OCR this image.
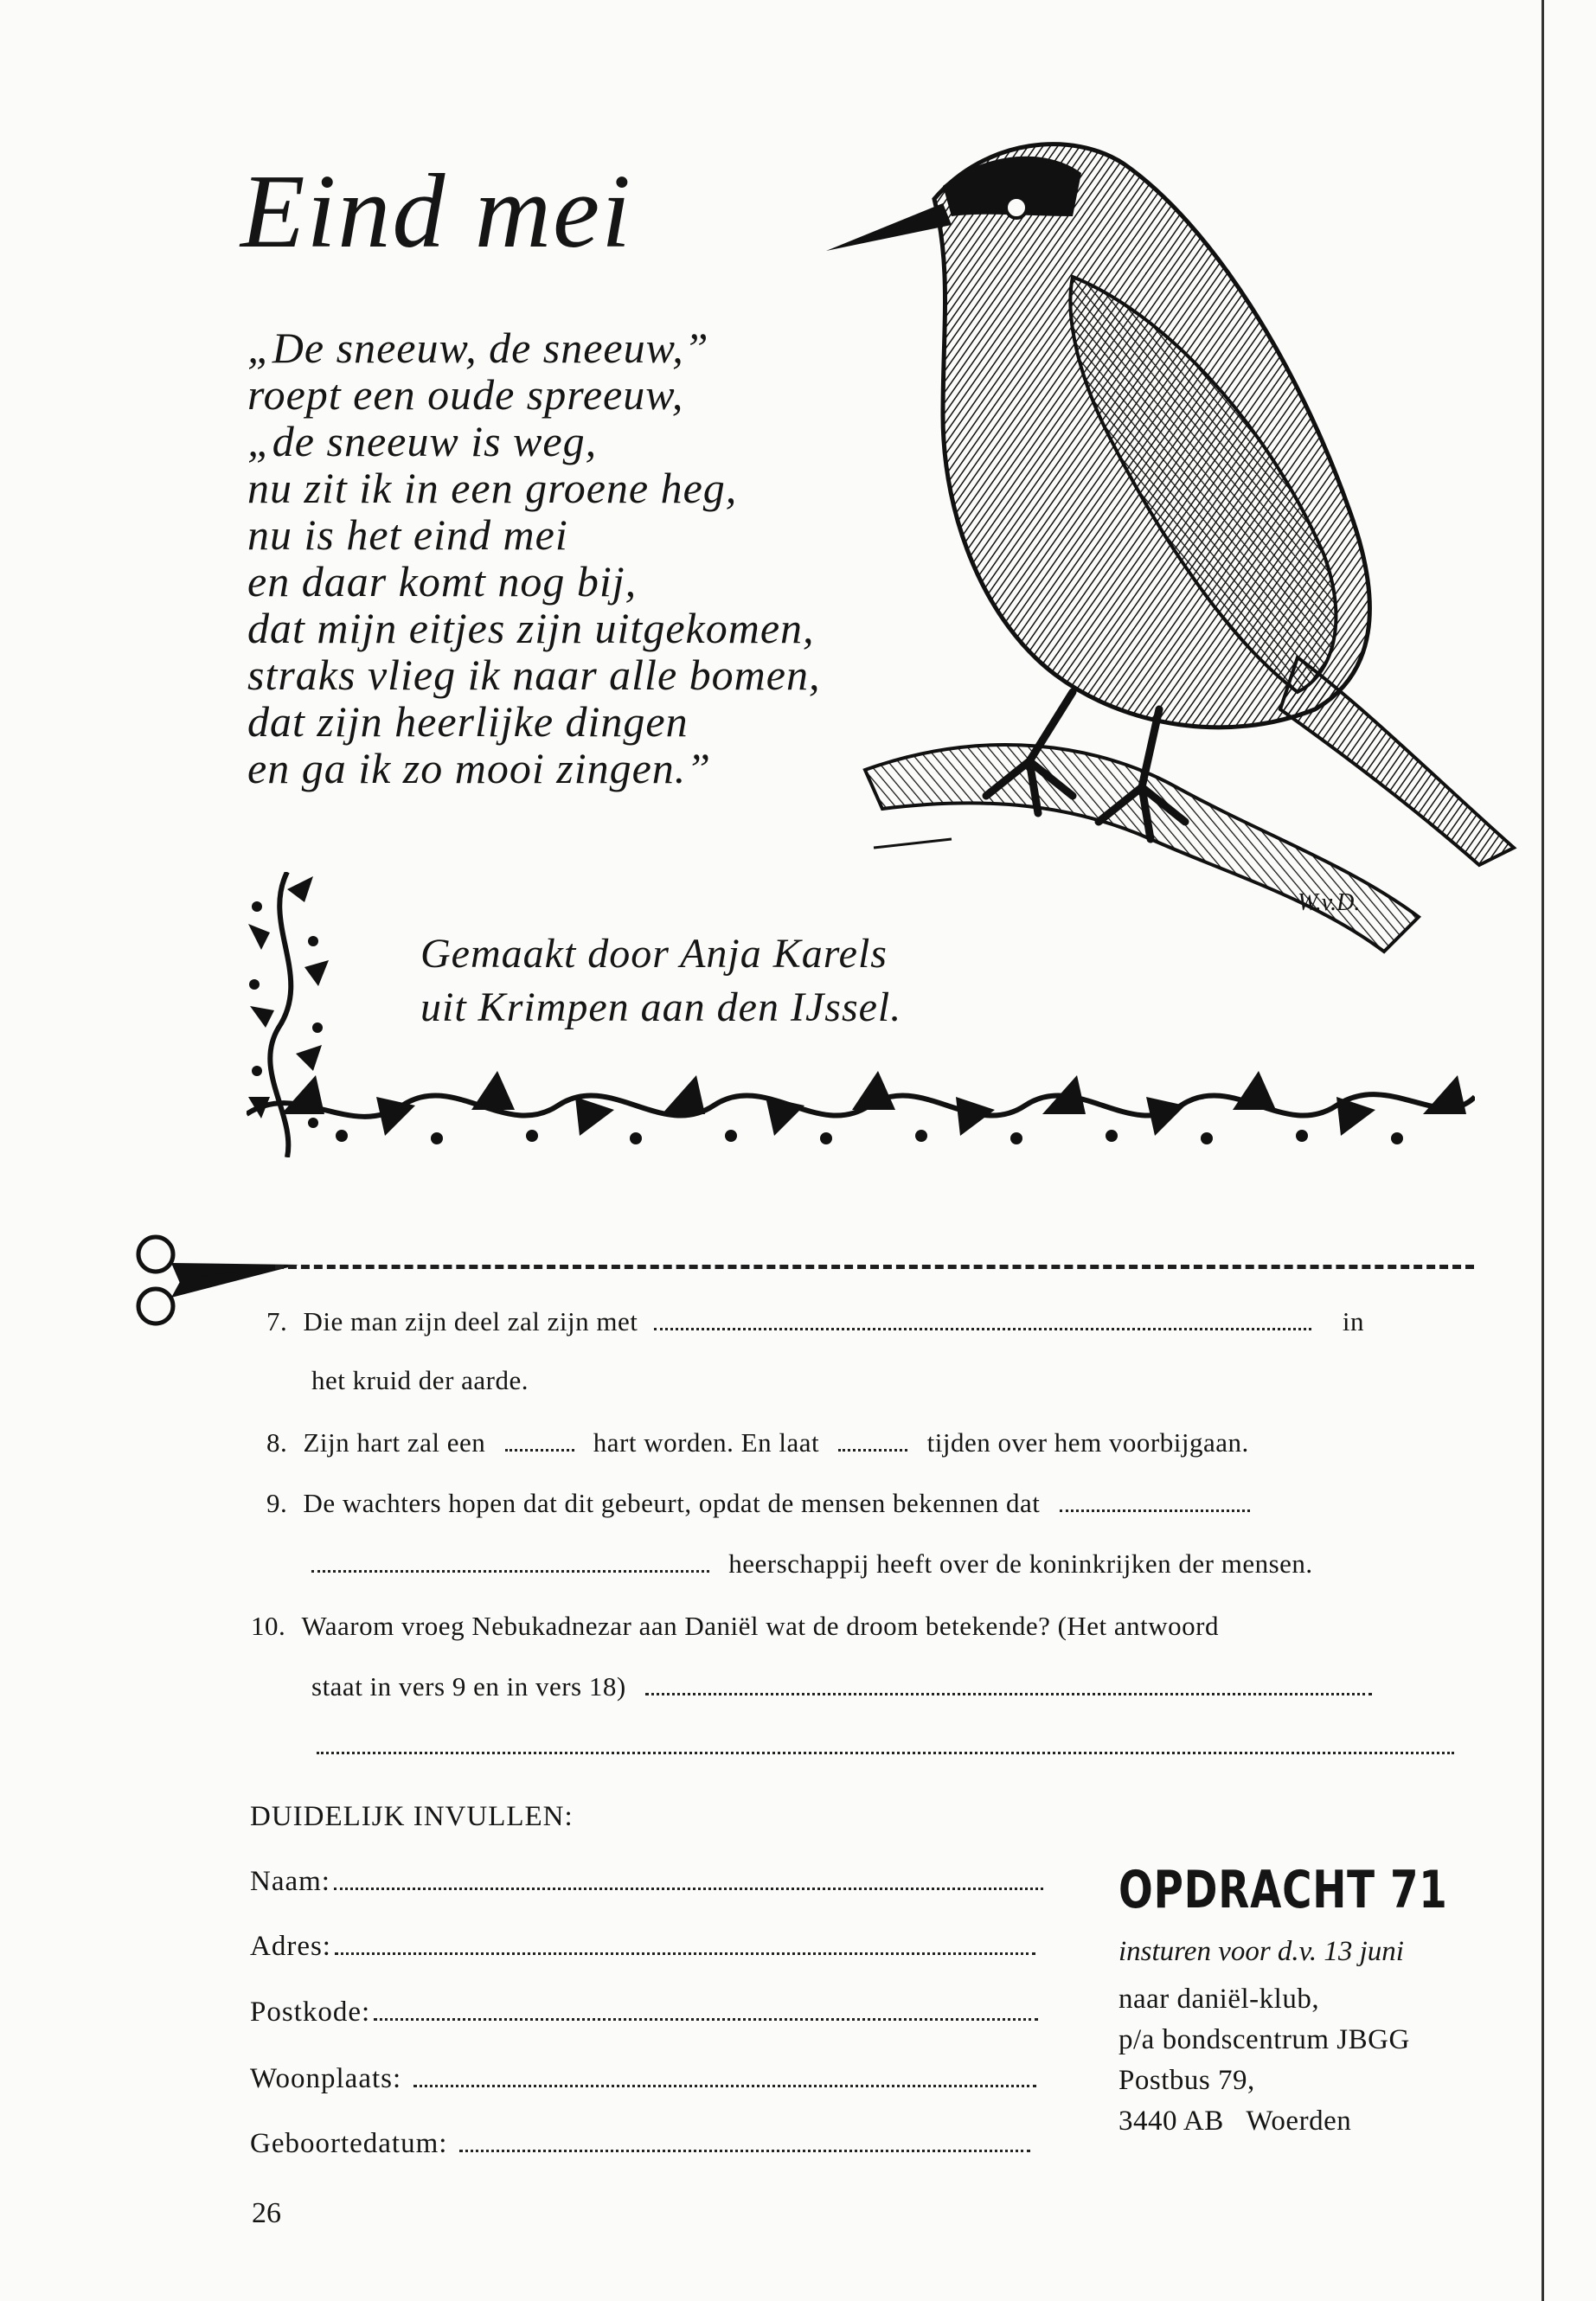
Eind mei
„De sneeuw, de sneeuw,”
roept een oude spreeuw,
„de sneeuw is weg,
nu zit ik in een groene heg,
nu is het eind mei
en daar komt nog bij,
dat mijn eitjes zijn uitgekomen,
straks vlieg ik naar alle bomen,
dat zijn heerlijke dingen
en ga ik zo mooi zingen.”
Gemaakt door Anja Karels
uit Krimpen aan den IJssel.
W.v.D.
7. Die man zijn deel zal zijn met	in
het kruid der aarde.
8. Zijn hart zal een	hart worden. En laat	tijden over hem voorbijgaan.
9. De wachters hopen dat dit gebeurt, opdat de mensen bekennen dat
heerschappij heeft over de koninkrijken der mensen.
10. Waarom vroeg Nebukadnezar aan Daniël wat de droom betekende? (Het antwoord
staat in vers 9 en in vers 18)
DUIDELIJK INVULLEN:
Naam:
Adres:
Postkode:
Woonplaats:
Geboortedatum:
OPDRACHT 71
insturen voor d.v. 13 juni
naar daniël-klub,
p/a bondscentrum JBGG
Postbus 79,
3440 AB   Woerden
26
